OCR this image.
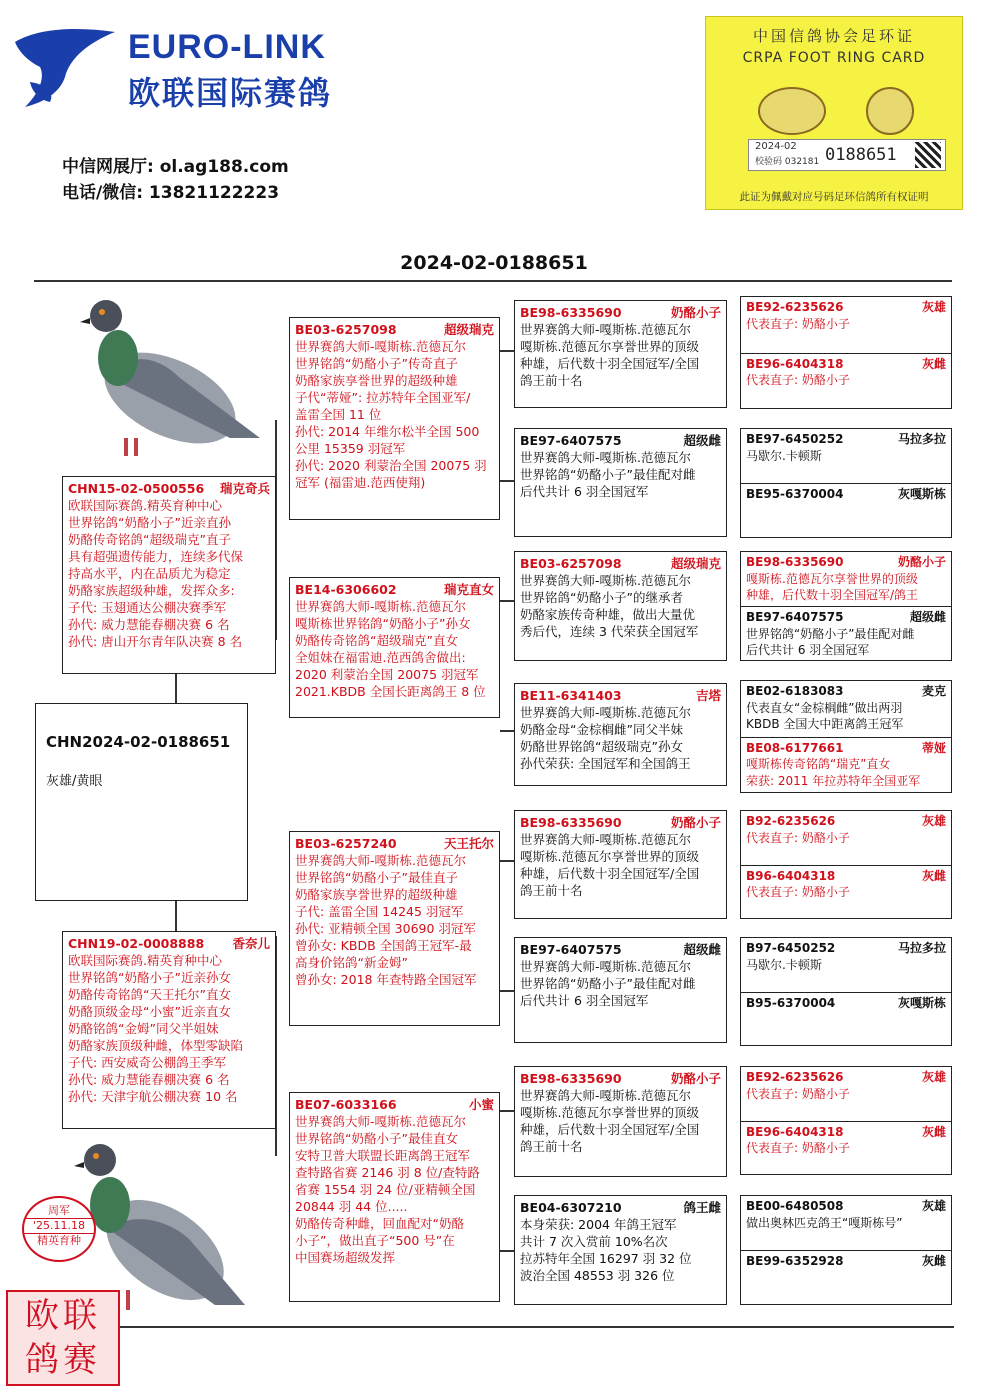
EURO-LINK
欧联国际赛鸽
中信网展厅: ol.ag188.com
电话/微信: 13821122223
中国信鸽协会足环证
CRPA FOOT RING CARD
2024-02
校验码 032181 0188651
此证为佩戴对应号码足环信鸽所有权证明
2024-02-0188651
周军
'25.11.18
精英育种
欧联鸽赛
CHN2024-02-0188651
灰雄/黄眼
CHN15-02-0500556 瑞克奇兵
欧联国际赛鸽.精英育种中心
世界铭鸽“奶酪小子”近亲直孙
奶酪传奇铭鸽“超级瑞克”直子
具有超强遗传能力，连续多代保
持高水平，内在品质尤为稳定
奶酪家族超级种雄，发挥众多:
子代: 玉翅通达公棚决赛季军
孙代: 威力慧能春棚决赛 6 名
孙代: 唐山开尔青年队决赛 8 名
CHN19-02-0008888 香奈儿
欧联国际赛鸽.精英育种中心
世界铭鸽“奶酪小子”近亲孙女
奶酪传奇铭鸽“天王托尔”直女
奶酪顶级金母“小蜜”近亲直女
奶酪铭鸽“金姆”同父半姐妹
奶酪家族顶级种雌，体型零缺陷
子代: 西安威奇公棚鸽王季军
孙代: 威力慧能春棚决赛 6 名
孙代: 天津宇航公棚决赛 10 名
BE03-6257098	超级瑞克
世界赛鸽大师-嘎斯栋.范德瓦尔
世界铭鸽“奶酪小子”传奇直子
奶酪家族享誉世界的超级种雄
子代“蒂娅”: 拉苏特年全国亚军/
盖雷全国 11 位
孙代: 2014 年维尔松半全国 500
公里 15359 羽冠军
孙代: 2020 利蒙治全国 20075 羽
冠军 (福雷迪.范西使翔)
BE14-6306602	瑞克直女
世界赛鸽大师-嘎斯栋.范德瓦尔
嘎斯栋世界铭鸽“奶酪小子”孙女
奶酪传奇铭鸽“超级瑞克”直女
全姐妹在福雷迪.范西鸽舍做出:
2020 利蒙治全国 20075 羽冠军
2021.KBDB 全国长距离鸽王 8 位
BE03-6257240	天王托尔
世界赛鸽大师-嘎斯栋.范德瓦尔
世界铭鸽“奶酪小子”最佳直子
奶酪家族享誉世界的超级种雄
子代: 盖雷全国 14245 羽冠军
孙代: 亚精顿全国 30690 羽冠军
曾孙女: KBDB 全国鸽王冠军-最
高身价铭鸽“新金姆”
曾孙女: 2018 年查特路全国冠军
BE07-6033166	小蜜
世界赛鸽大师-嘎斯栋.范德瓦尔
世界铭鸽“奶酪小子”最佳直女
安特卫普大联盟长距离鸽王冠军
查特路省赛 2146 羽 8 位/查特路
省赛 1554 羽 24 位/亚精顿全国
20844 羽 44 位.....
奶酪传奇种雌，回血配对“奶酪
小子”，做出直子“500 号”在
中国赛场超级发挥
BE98-6335690	奶酪小子
世界赛鸽大师-嘎斯栋.范德瓦尔
嘎斯栋.范德瓦尔享誉世界的顶级
种雄，后代数十羽全国冠军/全国
鸽王前十名
BE97-6407575	超级雌
世界赛鸽大师-嘎斯栋.范德瓦尔
世界铭鸽“奶酪小子”最佳配对雌
后代共计 6 羽全国冠军
BE03-6257098	超级瑞克
世界赛鸽大师-嘎斯栋.范德瓦尔
世界铭鸽“奶酪小子”的继承者
奶酪家族传奇种雄，做出大量优
秀后代，连续 3 代荣获全国冠军
BE11-6341403	吉塔
世界赛鸽大师-嘎斯栋.范德瓦尔
奶酪金母“金棕榈雌”同父半妹
奶酪世界铭鸽“超级瑞克”孙女
孙代荣获: 全国冠军和全国鸽王
BE98-6335690	奶酪小子
世界赛鸽大师-嘎斯栋.范德瓦尔
嘎斯栋.范德瓦尔享誉世界的顶级
种雄，后代数十羽全国冠军/全国
鸽王前十名
BE97-6407575	超级雌
世界赛鸽大师-嘎斯栋.范德瓦尔
世界铭鸽“奶酪小子”最佳配对雌
后代共计 6 羽全国冠军
BE98-6335690	奶酪小子
世界赛鸽大师-嘎斯栋.范德瓦尔
嘎斯栋.范德瓦尔享誉世界的顶级
种雄，后代数十羽全国冠军/全国
鸽王前十名
BE04-6307210	鸽王雌
本身荣获: 2004 年鸽王冠军
共计 7 次入赏前 10%名次
拉苏特年全国 16297 羽 32 位
波治全国 48553 羽 326 位
BE92-6235626	灰雄
代表直子: 奶酪小子
BE96-6404318	灰雌
代表直子: 奶酪小子
BE97-6450252	马拉多拉
马歇尔.卡顿斯
BE95-6370004	灰嘎斯栋
BE98-6335690	奶酪小子
嘎斯栋.范德瓦尔享誉世界的顶级
种雄，后代数十羽全国冠军/鸽王
BE97-6407575	超级雌
世界铭鸽“奶酪小子”最佳配对雌
后代共计 6 羽全国冠军
BE02-6183083	麦克
代表直女“金棕榈雌”做出两羽
KBDB 全国大中距离鸽王冠军
BE08-6177661	蒂娅
嘎斯栋传奇铭鸽“瑞克”直女
荣获: 2011 年拉苏特年全国亚军
B92-6235626	灰雄
代表直子: 奶酪小子
B96-6404318	灰雌
代表直子: 奶酪小子
B97-6450252	马拉多拉
马歇尔.卡顿斯
B95-6370004	灰嘎斯栋
BE92-6235626	灰雄
代表直子: 奶酪小子
BE96-6404318	灰雌
代表直子: 奶酪小子
BE00-6480508	灰雄
做出奥林匹克鸽王“嘎斯栋号”
BE99-6352928	灰雌
